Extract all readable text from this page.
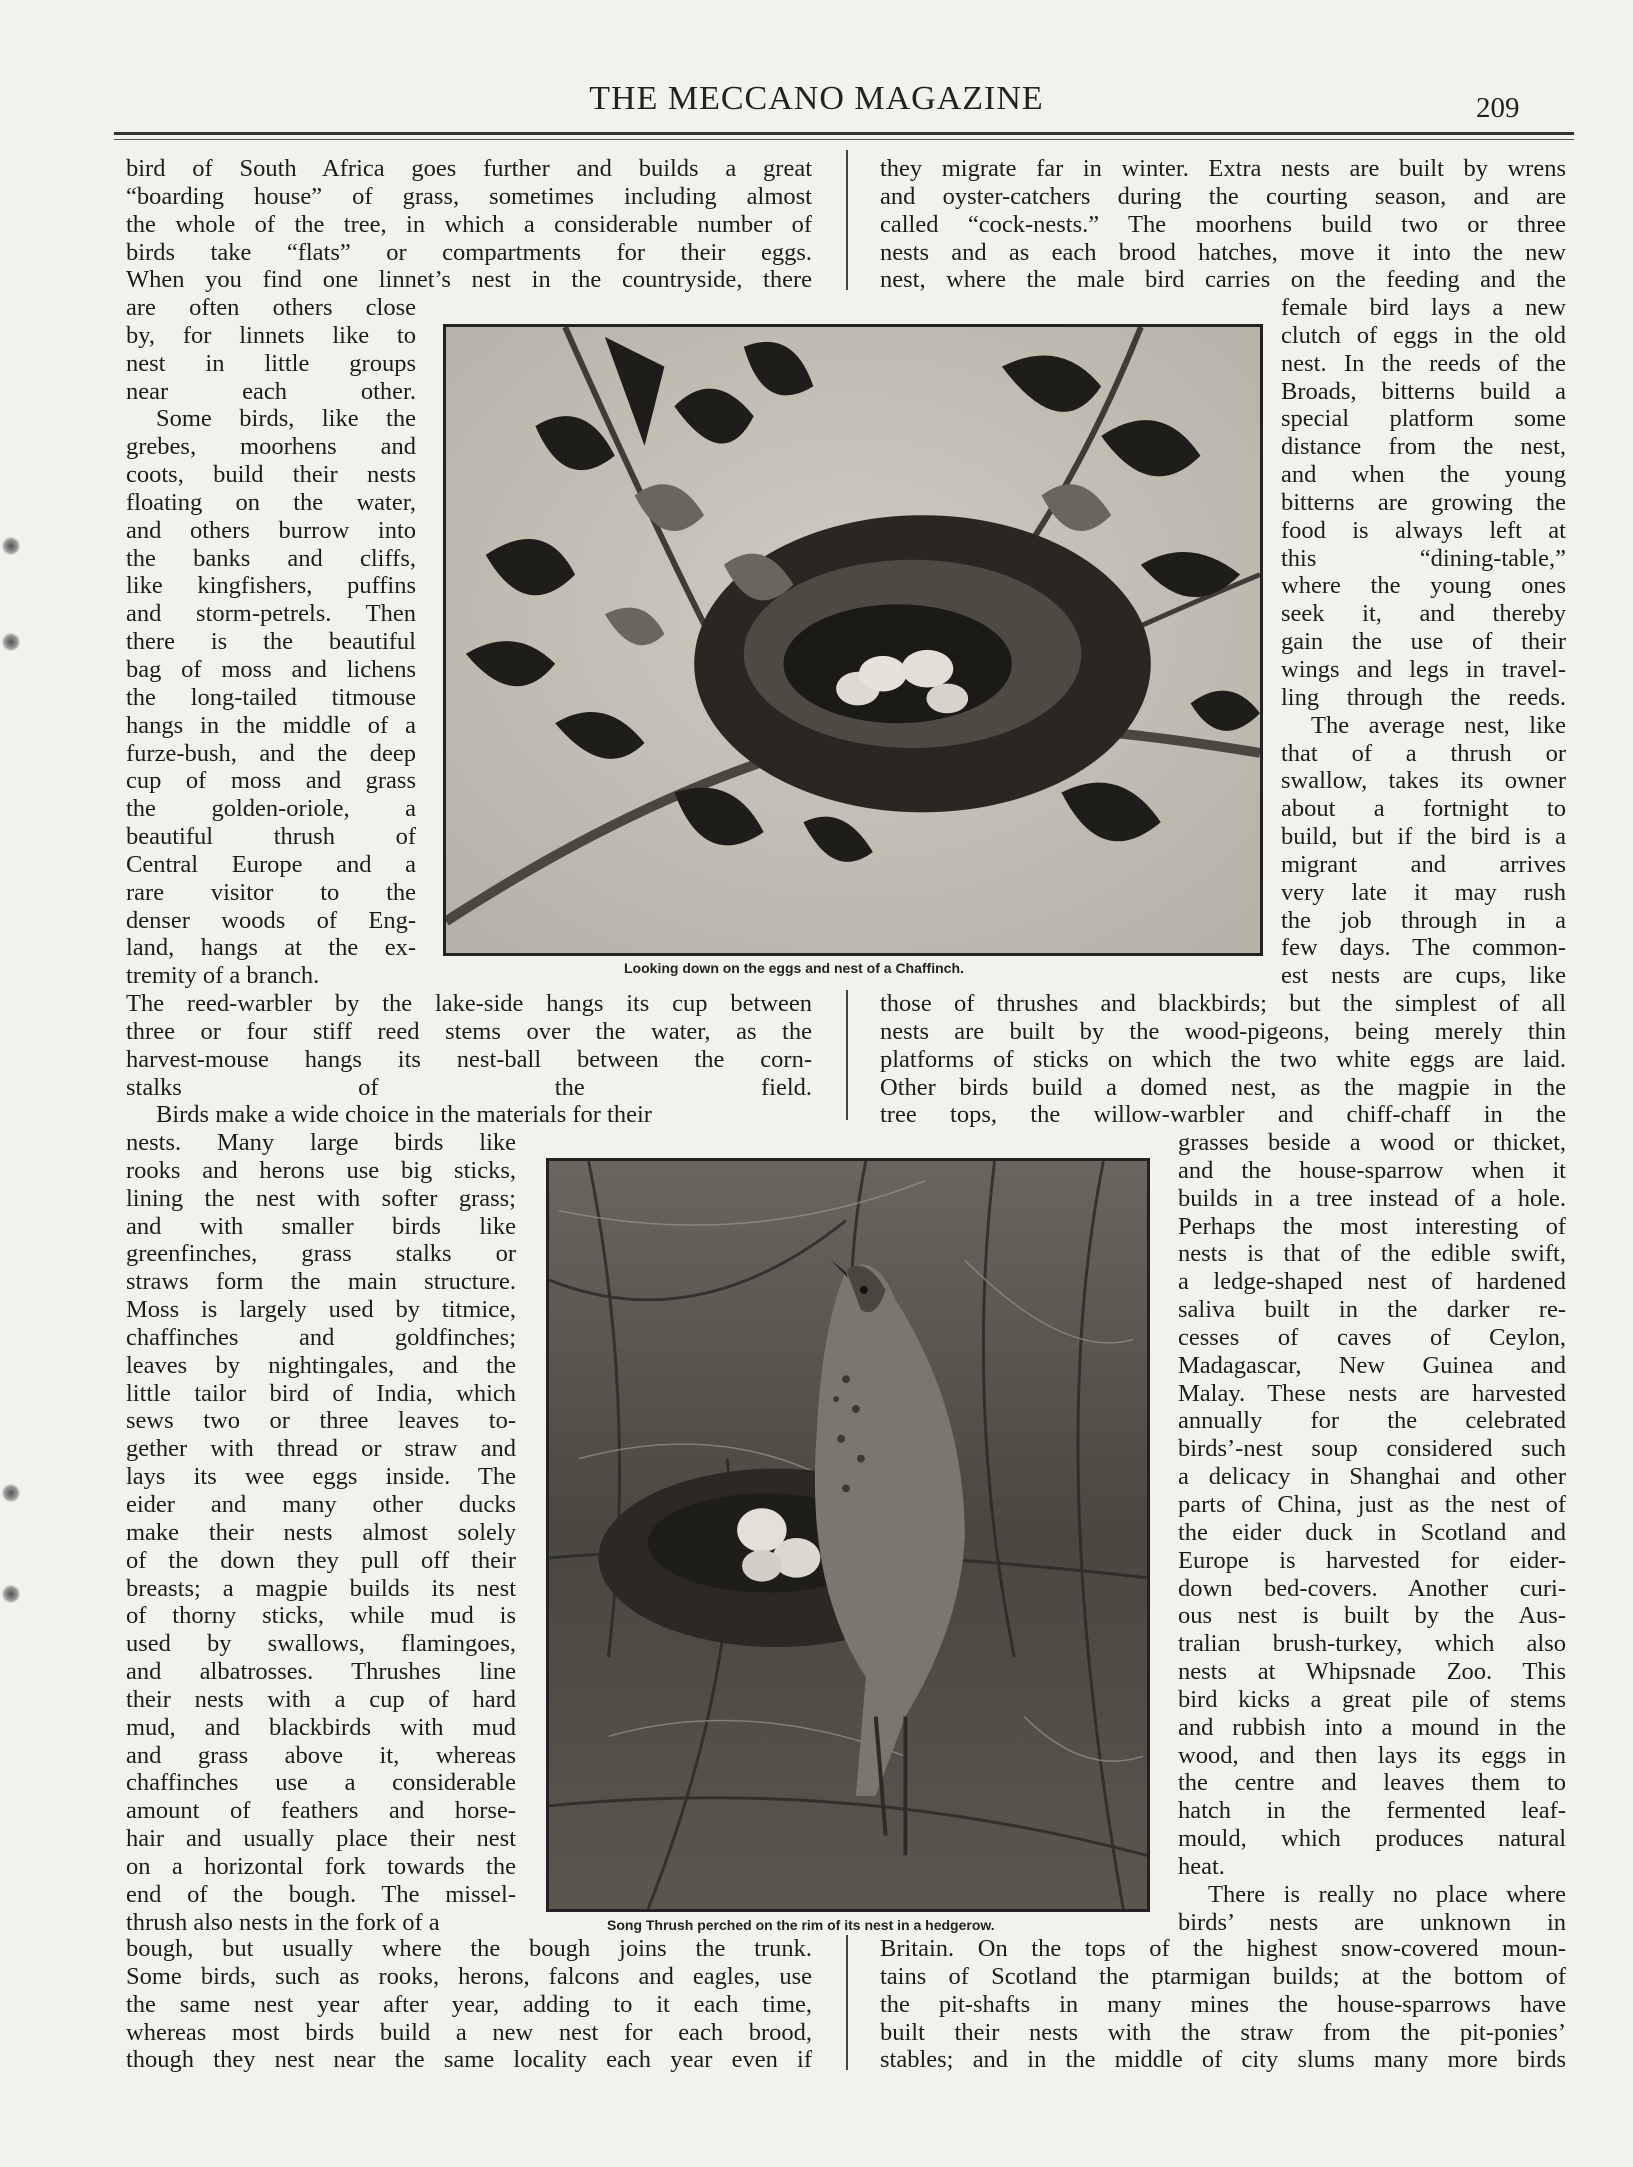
THE MECCANO MAGAZINE	209
bird of South Africa goes further and builds a great
“boarding house” of grass, sometimes including almost
the whole of the tree, in which a considerable number of
birds take “flats” or compartments for their eggs.
When you find one linnet’s nest in the countryside, there
are often others close
by, for linnets like to
nest in little groups
near each other.
Some birds, like the
grebes, moorhens and
coots, build their nests
floating on the water,
and others burrow into
the banks and cliffs,
like kingfishers, puffins
and storm-petrels. Then
there is the beautiful
bag of moss and lichens
the long-tailed titmouse
hangs in the middle of a
furze-bush, and the deep
cup of moss and grass
the golden-oriole, a
beautiful thrush of
Central Europe and a
rare visitor to the
denser woods of Eng-
land, hangs at the ex-
tremity of a branch.
The reed-warbler by the lake-side hangs its cup between
three or four stiff reed stems over the water, as the
harvest-mouse hangs its nest-ball between the corn-
stalks of the field.
Birds make a wide choice in the materials for their
nests. Many large birds like
rooks and herons use big sticks,
lining the nest with softer grass;
and with smaller birds like
greenfinches, grass stalks or
straws form the main structure.
Moss is largely used by titmice,
chaffinches and goldfinches;
leaves by nightingales, and the
little tailor bird of India, which
sews two or three leaves to-
gether with thread or straw and
lays its wee eggs inside. The
eider and many other ducks
make their nests almost solely
of the down they pull off their
breasts; a magpie builds its nest
of thorny sticks, while mud is
used by swallows, flamingoes,
and albatrosses. Thrushes line
their nests with a cup of hard
mud, and blackbirds with mud
and grass above it, whereas
chaffinches use a considerable
amount of feathers and horse-
hair and usually place their nest
on a horizontal fork towards the
end of the bough. The missel-
thrush also nests in the fork of a
bough, but usually where the bough joins the trunk.
Some birds, such as rooks, herons, falcons and eagles, use
the same nest year after year, adding to it each time,
whereas most birds build a new nest for each brood,
though they nest near the same locality each year even if
they migrate far in winter. Extra nests are built by wrens
and oyster-catchers during the courting season, and are
called “cock-nests.” The moorhens build two or three
nests and as each brood hatches, move it into the new
nest, where the male bird carries on the feeding and the
female bird lays a new
clutch of eggs in the old
nest. In the reeds of the
Broads, bitterns build a
special platform some
distance from the nest,
and when the young
bitterns are growing the
food is always left at
this “dining-table,”
where the young ones
seek it, and thereby
gain the use of their
wings and legs in travel-
ling through the reeds.
The average nest, like
that of a thrush or
swallow, takes its owner
about a fortnight to
build, but if the bird is a
migrant and arrives
very late it may rush
the job through in a
few days. The common-
est nests are cups, like
those of thrushes and blackbirds; but the simplest of all
nests are built by the wood-pigeons, being merely thin
platforms of sticks on which the two white eggs are laid.
Other birds build a domed nest, as the magpie in the
tree tops, the willow-warbler and chiff-chaff in the
grasses beside a wood or thicket,
and the house-sparrow when it
builds in a tree instead of a hole.
Perhaps the most interesting of
nests is that of the edible swift,
a ledge-shaped nest of hardened
saliva built in the darker re-
cesses of caves of Ceylon,
Madagascar, New Guinea and
Malay. These nests are harvested
annually for the celebrated
birds’-nest soup considered such
a delicacy in Shanghai and other
parts of China, just as the nest of
the eider duck in Scotland and
Europe is harvested for eider-
down bed-covers. Another curi-
ous nest is built by the Aus-
tralian brush-turkey, which also
nests at Whipsnade Zoo. This
bird kicks a great pile of stems
and rubbish into a mound in the
wood, and then lays its eggs in
the centre and leaves them to
hatch in the fermented leaf-
mould, which produces natural
heat.
There is really no place where
birds’ nests are unknown in
Britain. On the tops of the highest snow-covered moun-
tains of Scotland the ptarmigan builds; at the bottom of
the pit-shafts in many mines the house-sparrows have
built their nests with the straw from the pit-ponies’
stables; and in the middle of city slums many more birds
Looking down on the eggs and nest of a Chaffinch.
Song Thrush perched on the rim of its nest in a hedgerow.
